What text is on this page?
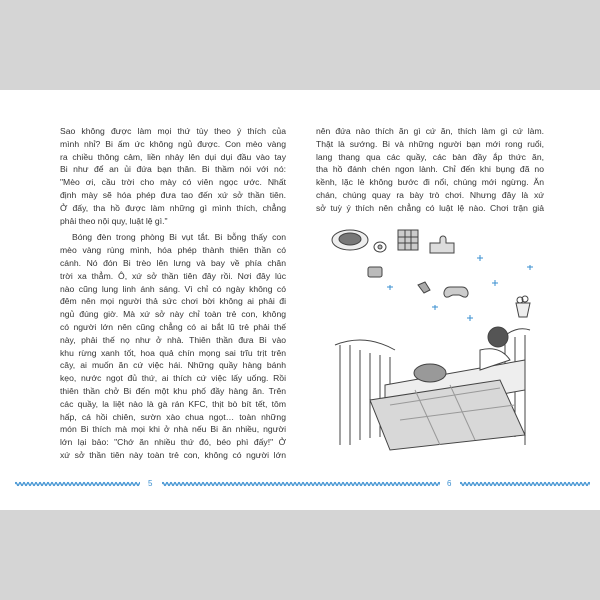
Sao không được làm mọi thứ tùy theo ý thích của
mình nhỉ? Bi ấm ức không ngủ được. Con mèo vàng
ra chiều thông cảm, liền nhảy lên dụi dụi đầu vào tay
Bi như để an ủi đứa bạn thân. Bi thầm nói với nó:
"Mèo ơi, cầu trời cho mày có viên ngọc ước. Nhất
định mày sẽ hóa phép đưa tao đến xứ sở thần tiên.
Ở đấy, tha hồ được làm những gì mình thích, chẳng
phải theo nội quy, luật lệ gì."
Bóng đèn trong phòng Bi vụt tắt. Bi bỗng thấy con
mèo vàng rùng mình, hóa phép thành thiên thần có
cánh. Nó đón Bi trèo lên lưng và bay về phía chân
trời xa thẳm. Ô, xứ sở thần tiên đây rồi. Nơi đây lúc
nào cũng lung linh ánh sáng. Vì chỉ có ngày không có
đêm nên mọi người thả sức chơi bời không ai phải đi
ngủ đúng giờ. Mà xứ sở này chỉ toàn trẻ con, không
có người lớn nên cũng chẳng có ai bắt lũ trẻ phải thế
này, phải thế nọ như ở nhà. Thiên thần đưa Bi vào
khu rừng xanh tốt, hoa quả chín mọng sai trĩu trịt trên
cây, ai muốn ăn cứ việc hái. Những quầy hàng bánh
kẹo, nước ngọt đủ thứ, ai thích cứ việc lấy uống. Rồi
thiên thần chở Bi đến một khu phố đầy hàng ăn. Trên
các quầy, la liệt nào là gà rán KFC, thịt bò bít tết, tôm
hấp, cá hồi chiên, sườn xào chua ngọt… toàn những
món Bi thích mà mọi khi ở nhà nếu Bi ăn nhiều, người
lớn lại bảo: "Chớ ăn nhiều thứ đó, béo phì đấy!" Ở
xứ sở thần tiên này toàn trẻ con, không có người lớn
nên đứa nào thích ăn gì cứ ăn, thích làm gì cứ làm.
Thật là sướng. Bi và những người bạn mới rong ruổi,
lang thang qua các quầy, các bàn đầy ắp thức ăn,
tha hồ đánh chén ngon lành. Chỉ đến khi bụng đã no
kềnh, lặc lè không bước đi nổi, chúng mới ngừng. Ăn
chán, chúng quay ra bày trò chơi. Nhưng đây là xứ
sở tuỳ ý thích nên chẳng có luật lệ nào. Chơi trận giả
5	6
